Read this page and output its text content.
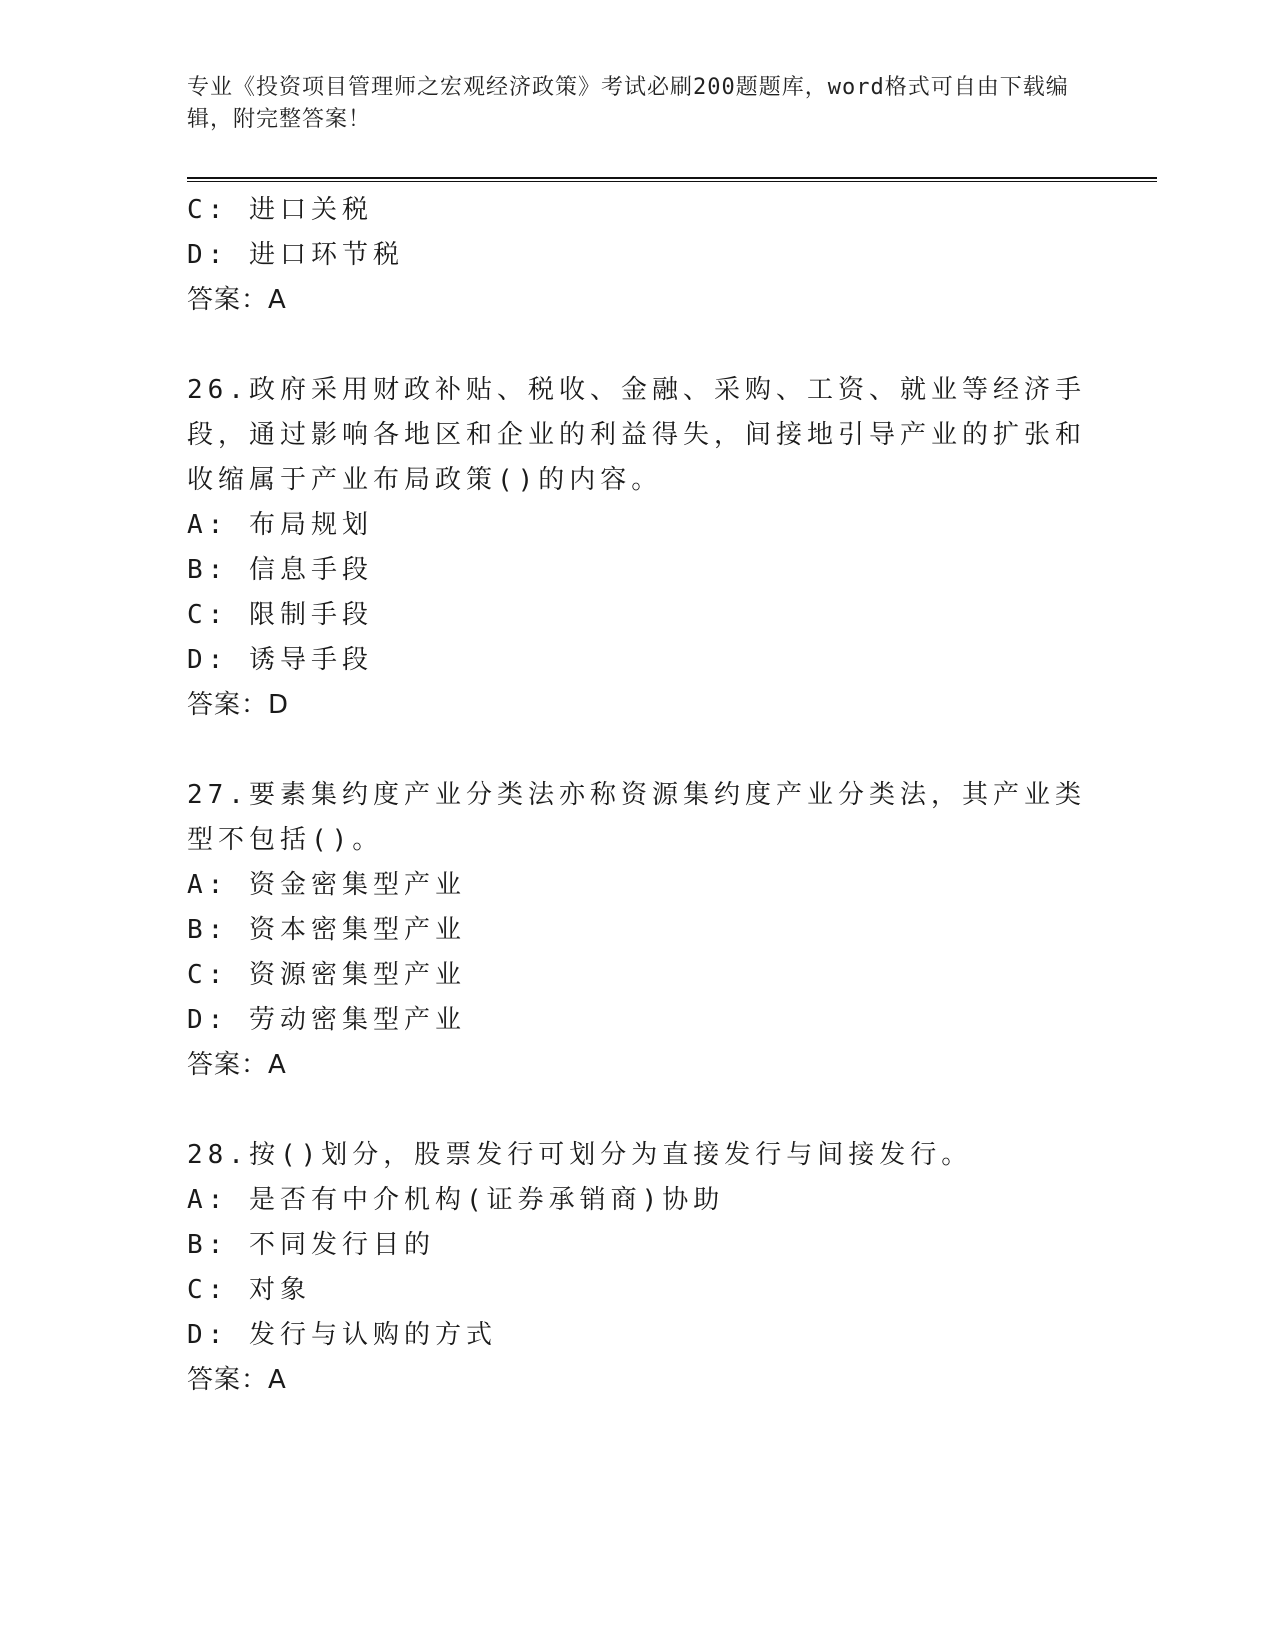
专业《投资项目管理师之宏观经济政策》考试必刷200题题库，word格式可自由下载编辑，附完整答案！
C: 进口关税
D: 进口环节税
答案：A
26.政府采用财政补贴、税收、金融、采购、工资、就业等经济手段，通过影响各地区和企业的利益得失，间接地引导产业的扩张和收缩属于产业布局政策()的内容。
A: 布局规划
B: 信息手段
C: 限制手段
D: 诱导手段
答案：D
27.要素集约度产业分类法亦称资源集约度产业分类法，其产业类型不包括()。
A: 资金密集型产业
B: 资本密集型产业
C: 资源密集型产业
D: 劳动密集型产业
答案：A
28.按()划分，股票发行可划分为直接发行与间接发行。
A: 是否有中介机构(证券承销商)协助
B: 不同发行目的
C: 对象
D: 发行与认购的方式
答案：A
